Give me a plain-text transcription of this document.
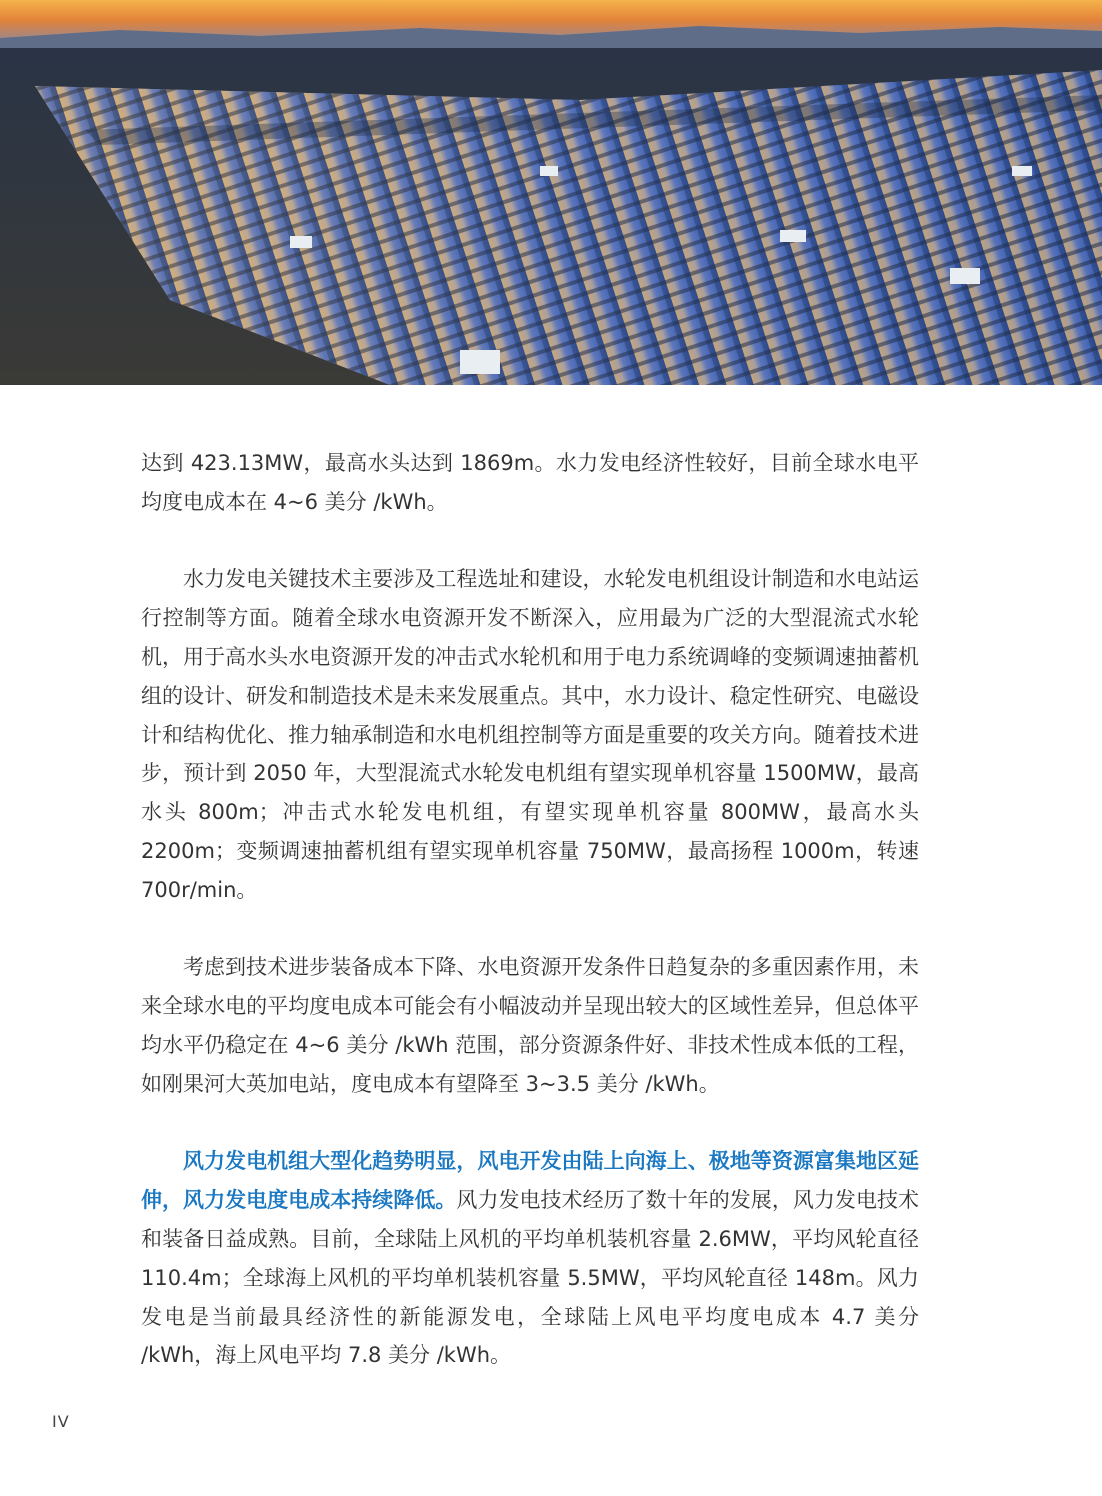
达到 423.13MW，最高水头达到 1869m。水力发电经济性较好，目前全球水电平均度电成本在 4~6 美分 /kWh。

水力发电关键技术主要涉及工程选址和建设，水轮发电机组设计制造和水电站运行控制等方面。随着全球水电资源开发不断深入，应用最为广泛的大型混流式水轮机，用于高水头水电资源开发的冲击式水轮机和用于电力系统调峰的变频调速抽蓄机组的设计、研发和制造技术是未来发展重点。其中，水力设计、稳定性研究、电磁设计和结构优化、推力轴承制造和水电机组控制等方面是重要的攻关方向。随着技术进步，预计到 2050 年，大型混流式水轮发电机组有望实现单机容量 1500MW，最高水头 800m；冲击式水轮发电机组，有望实现单机容量 800MW，最高水头 2200m；变频调速抽蓄机组有望实现单机容量 750MW，最高扬程 1000m，转速 700r/min。

考虑到技术进步装备成本下降、水电资源开发条件日趋复杂的多重因素作用，未来全球水电的平均度电成本可能会有小幅波动并呈现出较大的区域性差异，但总体平均水平仍稳定在 4~6 美分 /kWh 范围，部分资源条件好、非技术性成本低的工程，如刚果河大英加电站，度电成本有望降至 3~3.5 美分 /kWh。

风力发电机组大型化趋势明显，风电开发由陆上向海上、极地等资源富集地区延伸，风力发电度电成本持续降低。风力发电技术经历了数十年的发展，风力发电技术和装备日益成熟。目前，全球陆上风机的平均单机装机容量 2.6MW，平均风轮直径 110.4m；全球海上风机的平均单机装机容量 5.5MW，平均风轮直径 148m。风力发电是当前最具经济性的新能源发电，全球陆上风电平均度电成本 4.7 美分 /kWh，海上风电平均 7.8 美分 /kWh。

IV
